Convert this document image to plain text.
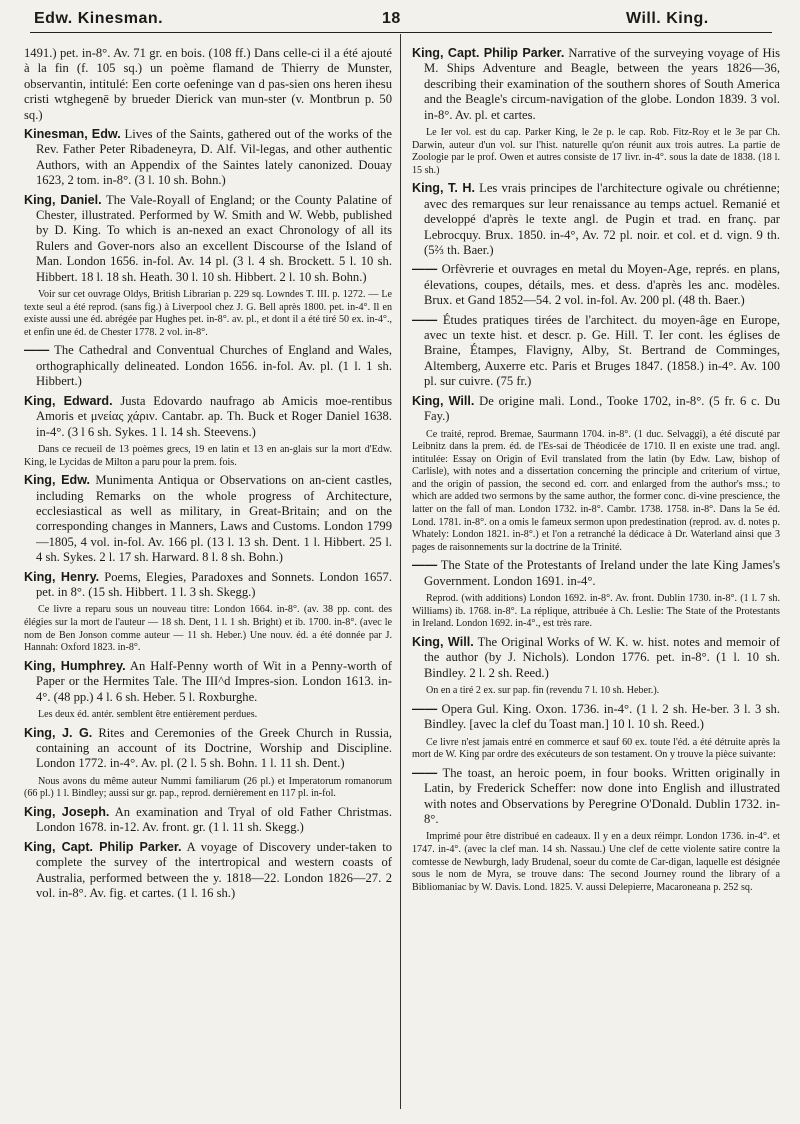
Edw. Kinesman.	18	Will. King.

1491.) pet. in-8°. Av. 71 gr. en bois. (108 ff.) Dans celle-ci il a été ajouté à la fin (f. 105 sq.) un poème flamand de Thierry de Munster, observantin, intitulé: Een corte oefeninge van d pas-sien ons heren ihesu cristi wtghegenē by brueder Dierick van mun-ster (v. Montbrun p. 50 sq.)

Kinesman, Edw. Lives of the Saints, gathered out of the works of the Rev. Father Peter Ribadeneyra, D. Alf. Vil-legas, and other authentic Authors, with an Appendix of the Saintes lately canonized. Douay 1623, 2 tom. in-8°. (3 l. 10 sh. Bohn.)

King, Daniel. The Vale-Royall of England; or the County Palatine of Chester, illustrated. Performed by W. Smith and W. Webb, published by D. King. To which is an-nexed an exact Chronology of all its Rulers and Gover-nors also an excellent Discourse of the Island of Man. London 1656. in-fol. Av. 14 pl. (3 l. 4 sh. Brockett. 5 l. 10 sh. Hibbert. 18 l. 18 sh. Heath. 30 l. 10 sh. Hibbert. 2 l. 10 sh. Bohn.)

Voir sur cet ouvrage Oldys, British Librarian p. 229 sq. Lowndes T. III. p. 1272. — Le texte seul a été reprod. (sans fig.) à Liverpool chez J. G. Bell après 1800. pet. in-4°. Il en existe aussi une éd. abrégée par Hughes pet. in-8°. av. pl., et dont il a été tiré 50 ex. in-4°., et enfin une éd. de Chester 1778. 2 vol. in-8°.

—— The Cathedral and Conventual Churches of England and Wales, orthographically delineated. London 1656. in-fol. Av. pl. (1 l. 1 sh. Hibbert.)

King, Edward. Justa Edovardo naufrago ab Amicis moe-rentibus Amoris et μνείας χάριν. Cantabr. ap. Th. Buck et Roger Daniel 1638. in-4°. (3 l 6 sh. Sykes. 1 l. 14 sh. Steevens.)

Dans ce recueil de 13 poèmes grecs, 19 en latin et 13 en an-glais sur la mort d'Edw. King, le Lycidas de Milton a paru pour la prem. fois.

King, Edw. Munimenta Antiqua or Observations on an-cient castles, including Remarks on the whole progress of Architecture, ecclesiastical as well as military, in Great-Britain; and on the corresponding changes in Manners, Laws and Customs. London 1799—1805, 4 vol. in-fol. Av. 166 pl. (13 l. 13 sh. Dent. 1 l. Hibbert. 25 l. 4 sh. Sykes. 2 l. 17 sh. Harward. 8 l. 8 sh. Bohn.)

King, Henry. Poems, Elegies, Paradoxes and Sonnets. London 1657. pet. in 8°. (15 sh. Hibbert. 1 l. 3 sh. Skegg.)

Ce livre a reparu sous un nouveau titre: London 1664. in-8°. (av. 38 pp. cont. des élégies sur la mort de l'auteur — 18 sh. Dent, 1 l. 1 sh. Bright) et ib. 1700. in-8°. (avec le nom de Ben Jonson comme auteur — 11 sh. Heber.) Une nouv. éd. a été donnée par J. Hannah: Oxford 1823. in-8°.

King, Humphrey. An Half-Penny worth of Wit in a Penny-worth of Paper or the Hermites Tale. The III^d Impres-sion. London 1613. in-4°. (48 pp.) 4 l. 6 sh. Heber. 5 l. Roxburghe.

Les deux éd. antér. semblent être entièrement perdues.

King, J. G. Rites and Ceremonies of the Greek Church in Russia, containing an account of its Doctrine, Worship and Discipline. London 1772. in-4°. Av. pl. (2 l. 5 sh. Bohn. 1 l. 11 sh. Dent.)

Nous avons du même auteur Nummi familiarum (26 pl.) et Imperatorum romanorum (66 pl.) 1 l. Bindley; aussi sur gr. pap., reprod. dernièrement en 117 pl. in-fol.

King, Joseph. An examination and Tryal of old Father Christmas. London 1678. in-12. Av. front. gr. (1 l. 11 sh. Skegg.)

King, Capt. Philip Parker. A voyage of Discovery under-taken to complete the survey of the intertropical and western coasts of Australia, performed between the y. 1818—22. London 1826—27. 2 vol. in-8°. Av. fig. et cartes. (1 l. 16 sh.)

King, Capt. Philip Parker. Narrative of the surveying voyage of His M. Ships Adventure and Beagle, between the years 1826—36, describing their examination of the southern shores of South America and the Beagle's circum-navigation of the globe. London 1839. 3 vol. in-8°. Av. pl. et cartes.

Le Ier vol. est du cap. Parker King, le 2e p. le cap. Rob. Fitz-Roy et le 3e par Ch. Darwin, auteur d'un vol. sur l'hist. naturelle qu'on réunit aux trois autres. La partie de Zoologie par le prof. Owen et autres consiste de 17 livr. in-4°. sous la date de 1838. (18 l. 15 sh.)

King, T. H. Les vrais principes de l'architecture ogivale ou chrétienne; avec des remarques sur leur renaissance au temps actuel. Remanié et developpé d'après le texte angl. de Pugin et trad. en franç. par Lebrocquy. Brux. 1850. in-4°, Av. 72 pl. noir. et col. et d. vign. 9 th. (5⅔ th. Baer.)

—— Orfèvrerie et ouvrages en metal du Moyen-Age, représ. en plans, élevations, coupes, détails, mes. et dess. d'après les anc. modèles. Brux. et Gand 1852—54. 2 vol. in-fol. Av. 200 pl. (48 th. Baer.)

—— Études pratiques tirées de l'architect. du moyen-âge en Europe, avec un texte hist. et descr. p. Ge. Hill. T. Ier cont. les églises de Braine, Étampes, Flavigny, Alby, St. Bertrand de Comminges, Altemberg, Auxerre etc. Paris et Bruges 1847. (1858.) in-4°. Av. 100 pl. sur cuivre. (75 fr.)

King, Will. De origine mali. Lond., Tooke 1702, in-8°. (5 fr. 6 c. Du Fay.)

Ce traité, reprod. Bremae, Saurmann 1704. in-8°. (1 duc. Selvaggi), a été discuté par Leibnitz dans la prem. éd. de l'Es-sai de Théodicée de 1710. Il en existe une trad. angl. intitulée: Essay on Origin of Evil translated from the latin (by Edw. Law, bishop of Carlisle), with notes and a dissertation concerning the principle and criterium of virtue, and the origin of passion, the second ed. corr. and enlarged from the author's mss.; to which are added two sermons by the same author, the former conc. di-vine prescience, the latter on the fall of man. London 1732. in-8°. Cambr. 1738. 1758. in-8°. Dans la 5e éd. Lond. 1781. in-8°. on a omis le fameux sermon upon predestination (reprod. av. d. notes p. Whately: London 1821. in-8°.) et l'on a retranché la dédicace à Dr. Waterland ainsi que 3 pages de raisonnements sur la doctrine de la Trinité.

—— The State of the Protestants of Ireland under the late King James's Government. London 1691. in-4°.

Reprod. (with additions) London 1692. in-8°. Av. front. Dublin 1730. in-8°. (1 l. 7 sh. Williams) ib. 1768. in-8°. La réplique, attribuée à Ch. Leslie: The State of the Protestants in Ireland. London 1692. in-4°., est très rare.

King, Will. The Original Works of W. K. w. hist. notes and memoir of the author (by J. Nichols). London 1776. pet. in-8°. (1 l. 10 sh. Bindley. 2 l. 2 sh. Reed.)

On en a tiré 2 ex. sur pap. fin (revendu 7 l. 10 sh. Heber.).

—— Opera Gul. King. Oxon. 1736. in-4°. (1 l. 2 sh. He-ber. 3 l. 3 sh. Bindley. [avec la clef du Toast man.] 10 l. 10 sh. Reed.)

Ce livre n'est jamais entré en commerce et sauf 60 ex. toute l'éd. a été détruite après la mort de W. King par ordre des exécuteurs de son testament. On y trouve la pièce suivante:

—— The toast, an heroic poem, in four books. Written originally in Latin, by Frederick Scheffer: now done into English and illustrated with notes and Observations by Peregrine O'Donald. Dublin 1732. in-8°.

Imprimé pour être distribué en cadeaux. Il y en a deux réimpr. London 1736. in-4°. et 1747. in-4°. (avec la clef man. 14 sh. Nassau.) Une clef de cette violente satire contre la comtesse de Newburgh, lady Brudenal, soeur du comte de Car-digan, laquelle est désignée sous le nom de Myra, se trouve dans: The second Journey round the library of a Bibliomaniac by W. Davis. Lond. 1825. V. aussi Delepierre, Macaroneana p. 252 sq.
